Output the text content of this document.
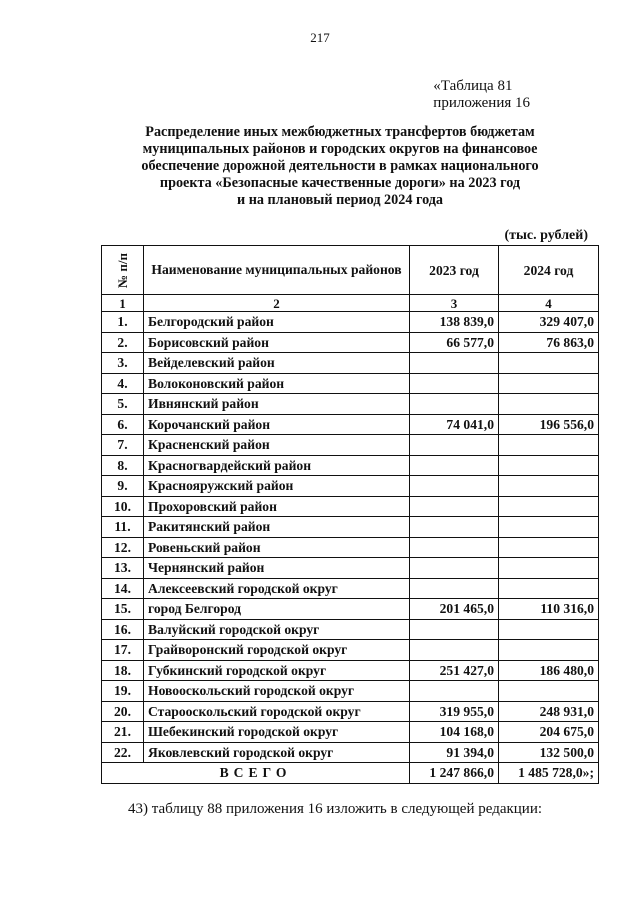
217
«Таблица 81
приложения 16
Распределение иных межбюджетных трансфертов бюджетам
муниципальных районов и городских округов на финансовое
обеспечение дорожной деятельности в рамках национального
проекта «Безопасные качественные дороги» на 2023 год
и на плановый период 2024 года
(тыс. рублей)
№ п/п	Наименование муниципальных районов	2023 год	2024 год
1	2	3	4
1.	Белгородский район	138 839,0	329 407,0
2.	Борисовский район	66 577,0	76 863,0
3.	Вейделевский район		
4.	Волоконовский район		
5.	Ивнянский район		
6.	Корочанский район	74 041,0	196 556,0
7.	Красненский район		
8.	Красногвардейский район		
9.	Краснояружский район		
10.	Прохоровский район		
11.	Ракитянский район		
12.	Ровеньский район		
13.	Чернянский район		
14.	Алексеевский городской округ		
15.	город Белгород	201 465,0	110 316,0
16.	Валуйский городской округ		
17.	Грайворонский городской округ		
18.	Губкинский городской округ	251 427,0	186 480,0
19.	Новооскольский городской округ		
20.	Старооскольский городской округ	319 955,0	248 931,0
21.	Шебекинский городской округ	104 168,0	204 675,0
22.	Яковлевский городской округ	91 394,0	132 500,0
ВСЕГО		1 247 866,0	1 485 728,0»;
43) таблицу 88 приложения 16 изложить в следующей редакции:
